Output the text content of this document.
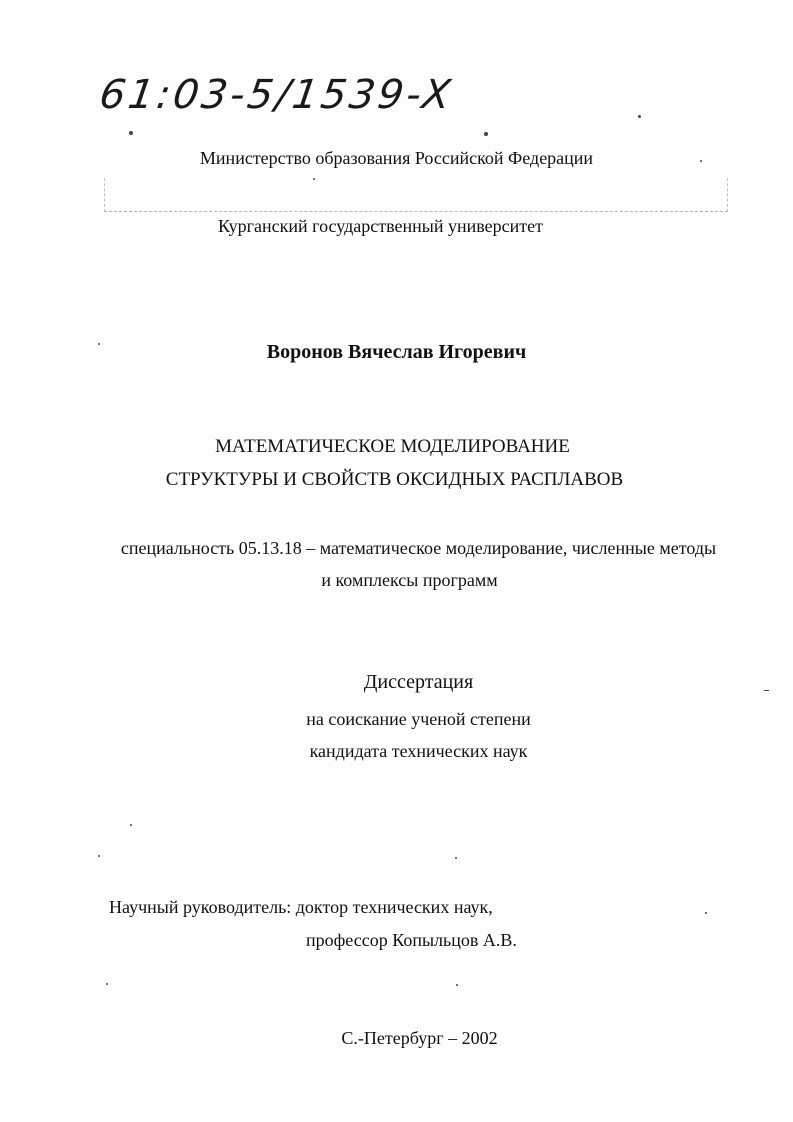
61:03-5/1539-X
Министерство образования Российской Федерации
Курганский государственный университет
Воронов Вячеслав Игоревич
МАТЕМАТИЧЕСКОЕ МОДЕЛИРОВАНИЕ
СТРУКТУРЫ И СВОЙСТВ ОКСИДНЫХ РАСПЛАВОВ
специальность 05.13.18 – математическое моделирование, численные методы
и комплексы программ
Диссертация
на соискание ученой степени
кандидата технических наук
Научный руководитель: доктор технических наук,
профессор Копыльцов А.В.
С.-Петербург – 2002
